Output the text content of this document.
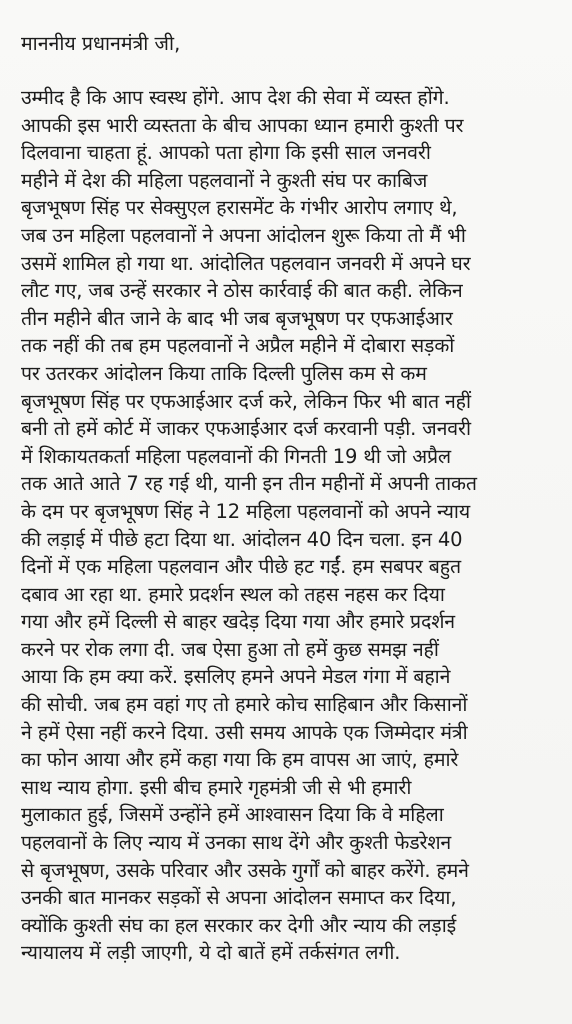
माननीय प्रधानमंत्री जी,

उम्मीद है कि आप स्वस्थ होंगे. आप देश की सेवा में व्यस्त होंगे.
आपकी इस भारी व्यस्तता के बीच आपका ध्यान हमारी कुश्ती पर
दिलवाना चाहता हूं. आपको पता होगा कि इसी साल जनवरी
महीने में देश की महिला पहलवानों ने कुश्ती संघ पर काबिज
बृजभूषण सिंह पर सेक्सुएल हरासमेंट के गंभीर आरोप लगाए थे,
जब उन महिला पहलवानों ने अपना आंदोलन शुरू किया तो मैं भी
उसमें शामिल हो गया था. आंदोलित पहलवान जनवरी में अपने घर
लौट गए, जब उन्हें सरकार ने ठोस कार्रवाई की बात कही. लेकिन
तीन महीने बीत जाने के बाद भी जब बृजभूषण पर एफआईआर
तक नहीं की तब हम पहलवानों ने अप्रैल महीने में दोबारा सड़कों
पर उतरकर आंदोलन किया ताकि दिल्ली पुलिस कम से कम
बृजभूषण सिंह पर एफआईआर दर्ज करे, लेकिन फिर भी बात नहीं
बनी तो हमें कोर्ट में जाकर एफआईआर दर्ज करवानी पड़ी. जनवरी
में शिकायतकर्ता महिला पहलवानों की गिनती 19 थी जो अप्रैल
तक आते आते 7 रह गई थी, यानी इन तीन महीनों में अपनी ताकत
के दम पर बृजभूषण सिंह ने 12 महिला पहलवानों को अपने न्याय
की लड़ाई में पीछे हटा दिया था. आंदोलन 40 दिन चला. इन 40
दिनों में एक महिला पहलवान और पीछे हट गईं. हम सबपर बहुत
दबाव आ रहा था. हमारे प्रदर्शन स्थल को तहस नहस कर दिया
गया और हमें दिल्ली से बाहर खदेड़ दिया गया और हमारे प्रदर्शन
करने पर रोक लगा दी. जब ऐसा हुआ तो हमें कुछ समझ नहीं
आया कि हम क्या करें. इसलिए हमने अपने मेडल गंगा में बहाने
की सोची. जब हम वहां गए तो हमारे कोच साहिबान और किसानों
ने हमें ऐसा नहीं करने दिया. उसी समय आपके एक जिम्मेदार मंत्री
का फोन आया और हमें कहा गया कि हम वापस आ जाएं, हमारे
साथ न्याय होगा. इसी बीच हमारे गृहमंत्री जी से भी हमारी
मुलाकात हुई, जिसमें उन्होंने हमें आश्वासन दिया कि वे महिला
पहलवानों के लिए न्याय में उनका साथ देंगे और कुश्ती फेडरेशन
से बृजभूषण, उसके परिवार और उसके गुर्गों को बाहर करेंगे. हमने
उनकी बात मानकर सड़कों से अपना आंदोलन समाप्त कर दिया,
क्योंकि कुश्ती संघ का हल सरकार कर देगी और न्याय की लड़ाई
न्यायालय में लड़ी जाएगी, ये दो बातें हमें तर्कसंगत लगी.
